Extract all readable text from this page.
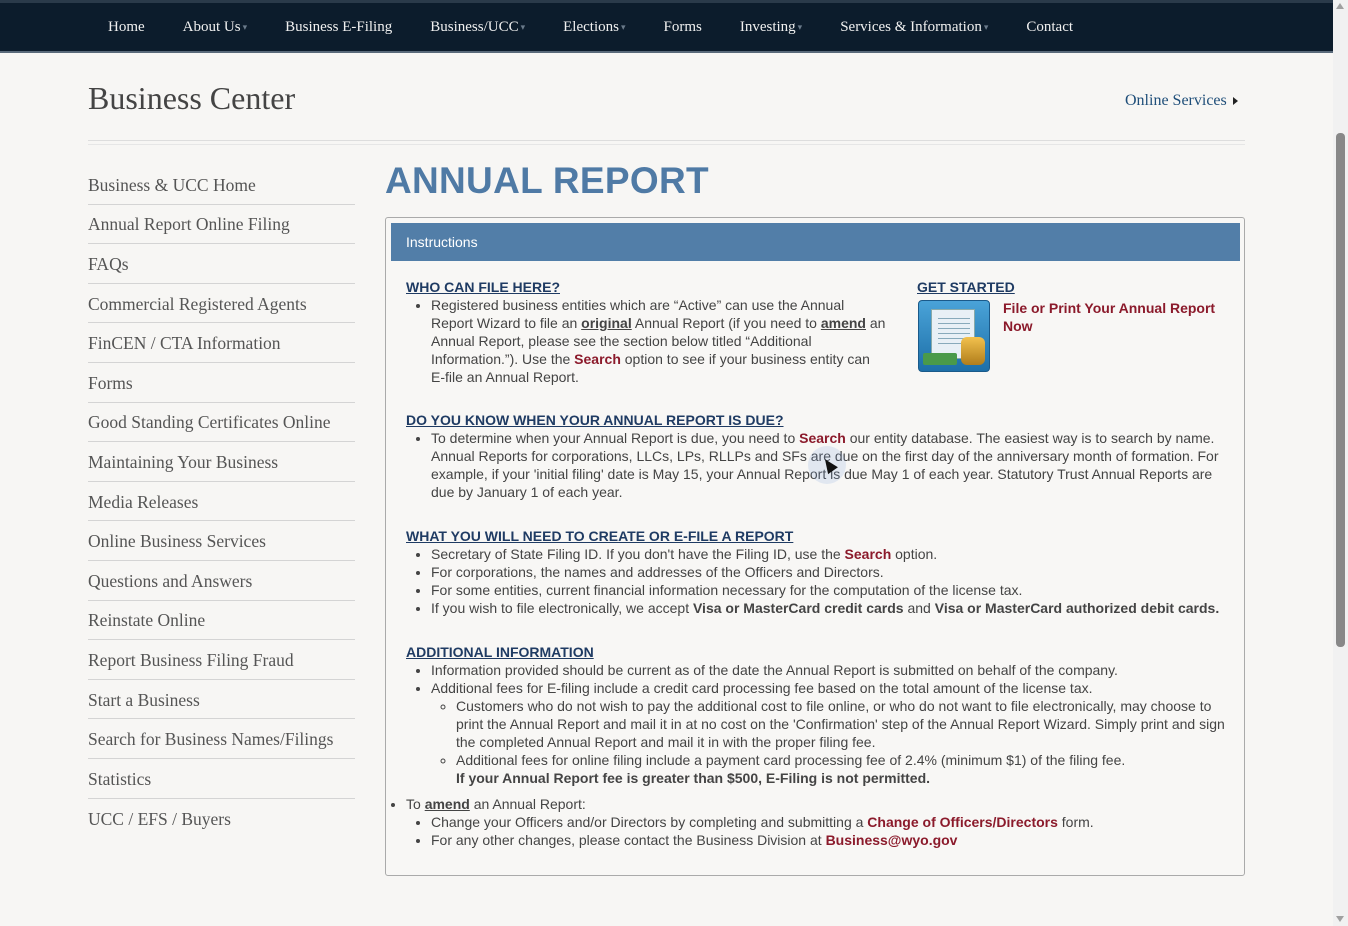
Home	About Us ▾	Business E-Filing	Business/UCC ▾	Elections ▾	Forms	Investing ▾	Services & Information ▾	Contact
Business Center	Online Services
Business & UCC Home
Annual Report Online Filing
FAQs
Commercial Registered Agents
FinCEN / CTA Information
Forms
Good Standing Certificates Online
Maintaining Your Business
Media Releases
Online Business Services
Questions and Answers
Reinstate Online
Report Business Filing Fraud
Start a Business
Search for Business Names/Filings
Statistics
UCC / EFS / Buyers
ANNUAL REPORT
Instructions
WHO CAN FILE HERE?
• Registered business entities which are “Active” can use the Annual Report Wizard to file an original Annual Report (if you need to amend an Annual Report, please see the section below titled “Additional Information.”). Use the Search option to see if your business entity can E-file an Annual Report.
GET STARTED
File or Print Your Annual Report Now
DO YOU KNOW WHEN YOUR ANNUAL REPORT IS DUE?
• To determine when your Annual Report is due, you need to Search our entity database. The easiest way is to search by name. Annual Reports for corporations, LLCs, LPs, RLLPs and SFs are due on the first day of the anniversary month of formation. For example, if your 'initial filing' date is May 15, your Annual Report is due May 1 of each year. Statutory Trust Annual Reports are due by January 1 of each year.
WHAT YOU WILL NEED TO CREATE OR E-FILE A REPORT
• Secretary of State Filing ID. If you don't have the Filing ID, use the Search option.
• For corporations, the names and addresses of the Officers and Directors.
• For some entities, current financial information necessary for the computation of the license tax.
• If you wish to file electronically, we accept Visa or MasterCard credit cards and Visa or MasterCard authorized debit cards.
ADDITIONAL INFORMATION
• Information provided should be current as of the date the Annual Report is submitted on behalf of the company.
• Additional fees for E-filing include a credit card processing fee based on the total amount of the license tax.
◦ Customers who do not wish to pay the additional cost to file online, or who do not want to file electronically, may choose to print the Annual Report and mail it in at no cost on the 'Confirmation' step of the Annual Report Wizard. Simply print and sign the completed Annual Report and mail it in with the proper filing fee.
◦ Additional fees for online filing include a payment card processing fee of 2.4% (minimum $1) of the filing fee.
If your Annual Report fee is greater than $500, E-Filing is not permitted.
• To amend an Annual Report:
• Change your Officers and/or Directors by completing and submitting a Change of Officers/Directors form.
• For any other changes, please contact the Business Division at Business@wyo.gov
